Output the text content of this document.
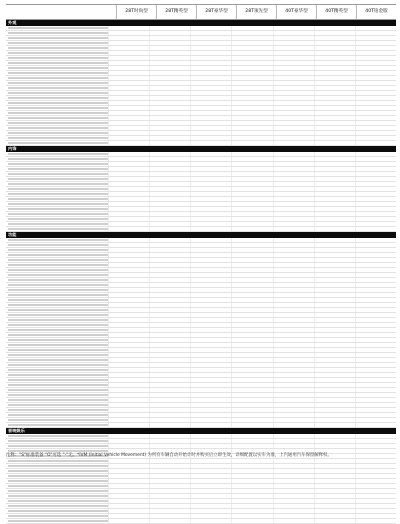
28T时尚型	28T精英型	28T豪华型	28T领先型	40T豪华型	40T精英型	40T铂金版
外观
内饰
功能
音响娱乐
注释："S"标准装备 "O"可选 "-"无。*IVM (Initial Vehicle Movement) 为所有车辆自动开始计时并购买后立即生效，详细配置以实车为准，上汽通用汽车保留解释权。
